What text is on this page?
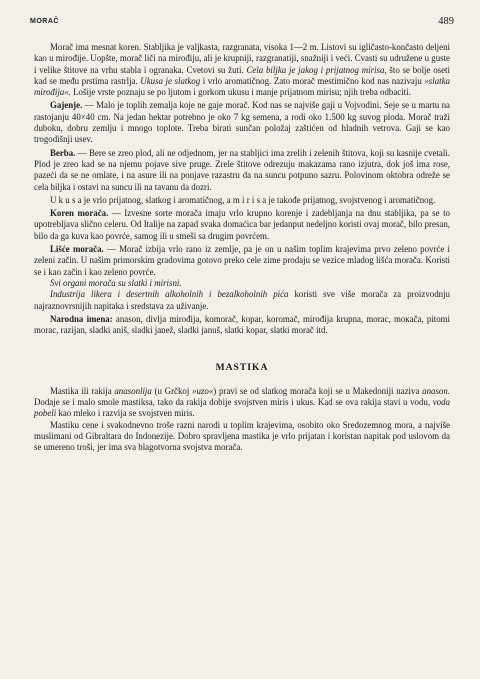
MORAČ	489

Morač ima mesnat koren. Stabljika je valjkasta, razgranata, visoka 1—2 m. Listovi su igličasto-končasto deljeni kao u mirođije. Uopšte, morač liči na mirođiju, ali je krupniji, razgranatiji, snažniji i veći. Cvasti su udružene u guste i velike štitove na vrhu stabla i ogranaka. Cvetovi su žuti. Cela biljka je jakog i prijatnog mirisa, što se bolje oseti kad se među prstima rastrlja. Ukusa je slatkog i vrlo aromatičnog. Zato morač mestimično kod nas nazivaju »slatka mirođija«. Lošije vrste poznaju se po ljutom i gorkom ukusu i manje prijatnom mirisu; njih treba odbaciti.

Gajenje. — Malo je toplih zemalja koje ne gaje morač. Kod nas se najviše gaji u Vojvodini. Seje se u martu na rastojanju 40×40 cm. Na jedan hektar potrebno je oko 7 kg semena, a rodi oko 1.500 kg suvog ploda. Morač traži duboku, dobru zemlju i mnogo toplote. Treba birati sunčan položaj zaštićen od hladnih vetrova. Gaji se kao trogodišnji usev.

Berba. — Bere se zreo plod, ali ne odjednom, jer na stabljici ima zrelih i zelenih štitova, koji su kasnije cvetali. Plod je zreo kad se na njemu pojave sive pruge. Zrele štitove odrezuju makazama rano izjutra, dok još ima rose, pazeći da se ne omlate, i na asure ili na ponjave razastru da na suncu potpuno sazru. Polovinom oktobra odreže se cela biljka i ostavi na suncu ili na tavanu da dozri.

U k u s a je vrlo prijatnog, slatkog i aromatičnog, a m i r i s a je takođe prijatnog, svojstvenog i aromatičnog.

Koren morača. — Izvesne sorte morača imaju vrlo krupno korenje i zadebljanja na dnu stabljika, pa se to upotrebljava slično celeru. Od Italije na zapad svaka domaćica bar jedanput nedeljno koristi ovaj morač, bilo presan, bilo da ga kuva kao povrće, samog ili u smeši sa drugim povrćem.

Lišće morača. — Morač izbija vrlo rano iz zemlje, pa je on u našim toplim krajevima prvo zeleno povrće i zeleni začin. U našim primorskim gradovima gotovo preko cele zime prodaju se vezice mladog lišća morača. Koristi se i kao začin i kao zeleno povrće.

Svi organi morača su slatki i mirisni.

Industrija likera i desertnih alkoholnih i bezalkoholnih pića koristi sve više morača za proizvodnju najraznovrsnijih napitaka i sredstava za uživanje.

Narodna imena: anason, divlja mirođija, komorač, kopar, koromač, mirođija krupna, morac, moкača, pitomi morac, razijan, sladki aniš, sladki janež, sladki januš, slatki kopar, slatki morač itd.

MASTIKA

Mastika ili rakija anasonlija (u Grčkoj »uzo«) pravi se od slatkog morača koji se u Makedoniji naziva anason. Dodaje se i malo smole mastiksa, tako da rakija dobije svojstven miris i ukus. Kad se ova rakija stavi u vodu, voda pobeli kao mleko i razvija se svojstven miris.

Mastiku cene i svakodnevno troše razni narodi u toplim krajevima, osobito oko Sredozemnog mora, a najviše muslimani od Gibraltara do Indonezije. Dobro spravljena mastika je vrlo prijatan i koristan napitak pod uslovom da se umereno troši, jer ima sva blagotvorna svojstva morača.
